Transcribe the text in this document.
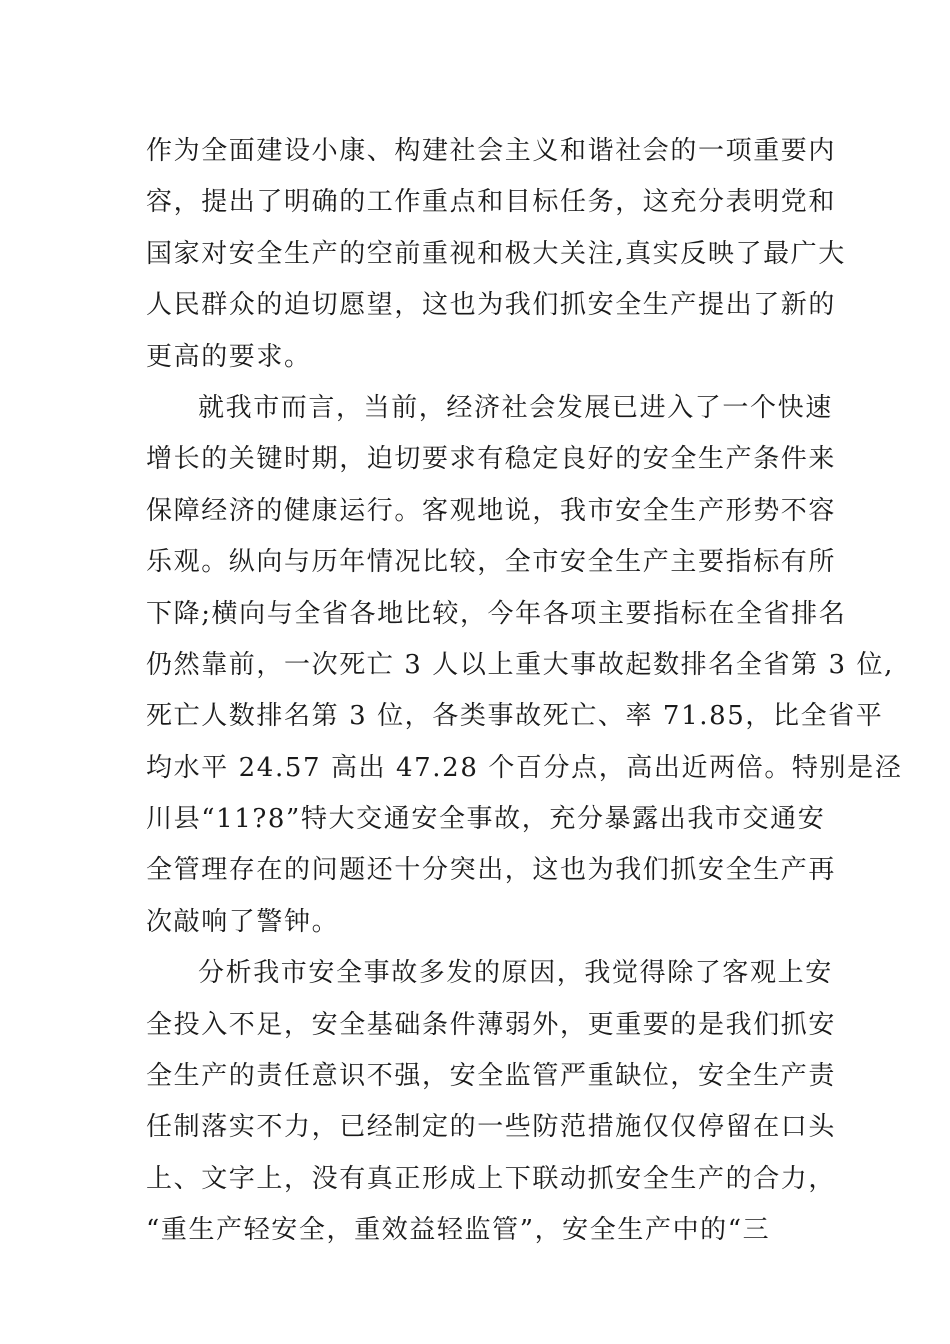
作为全面建设小康、构建社会主义和谐社会的一项重要内
容，提出了明确的工作重点和目标任务，这充分表明党和
国家对安全生产的空前重视和极大关注,真实反映了最广大
人民群众的迫切愿望，这也为我们抓安全生产提出了新的
更高的要求。
就我市而言，当前，经济社会发展已进入了一个快速
增长的关键时期，迫切要求有稳定良好的安全生产条件来
保障经济的健康运行。客观地说，我市安全生产形势不容
乐观。纵向与历年情况比较，全市安全生产主要指标有所
下降;横向与全省各地比较，今年各项主要指标在全省排名
仍然靠前，一次死亡 3 人以上重大事故起数排名全省第 3 位,
死亡人数排名第 3 位，各类事故死亡、率 71.85，比全省平
均水平 24.57 高出 47.28 个百分点，高出近两倍。特别是泾
川县“11?8”特大交通安全事故，充分暴露出我市交通安
全管理存在的问题还十分突出，这也为我们抓安全生产再
次敲响了警钟。
分析我市安全事故多发的原因，我觉得除了客观上安
全投入不足，安全基础条件薄弱外，更重要的是我们抓安
全生产的责任意识不强，安全监管严重缺位，安全生产责
任制落实不力，已经制定的一些防范措施仅仅停留在口头
上、文字上，没有真正形成上下联动抓安全生产的合力，
“重生产轻安全，重效益轻监管”，安全生产中的“三
